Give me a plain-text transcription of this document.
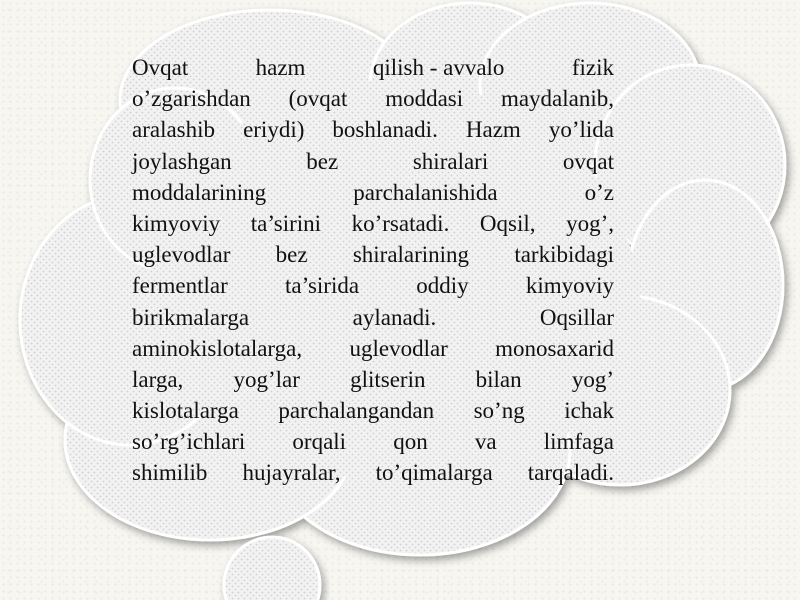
Ovqat	hazm	qilish - avvalo	fizik
o’zgarishdan (ovqat moddasi maydalanib,
aralashib eriydi) boshlanadi. Hazm yo’lida
joylashgan	bez	shiralari	ovqat
moddalarining	parchalanishida	o’z
kimyoviy ta’sirini ko’rsatadi. Oqsil, yog’,
uglevodlar bez shiralarining tarkibidagi
fermentlar ta’sirida oddiy kimyoviy
birikmalarga	aylanadi.	Oqsillar
aminokislotalarga, uglevodlar monosaxarid
larga, yog’lar glitserin bilan yog’
kislotalarga parchalangandan so’ng ichak
so’rg’ichlari orqali qon va limfaga
shimilib hujayralar, to’qimalarga tarqaladi.
